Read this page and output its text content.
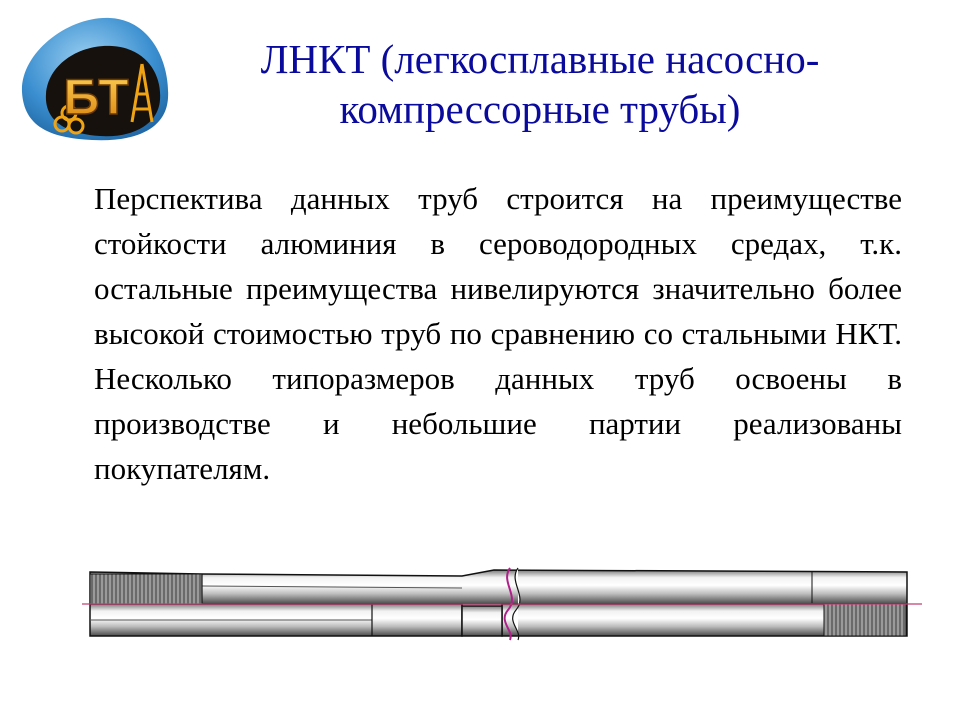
БТ
ЛНКТ (легкосплавные насосно-
компрессорные трубы)

Перспектива данных труб строится на преимуществе стойкости алюминия в сероводородных средах, т.к. остальные преимущества нивелируются значительно более высокой стоимостью труб по сравнению со стальными НКТ. Несколько типоразмеров данных труб освоены в производстве и небольшие партии реализованы покупателям.
